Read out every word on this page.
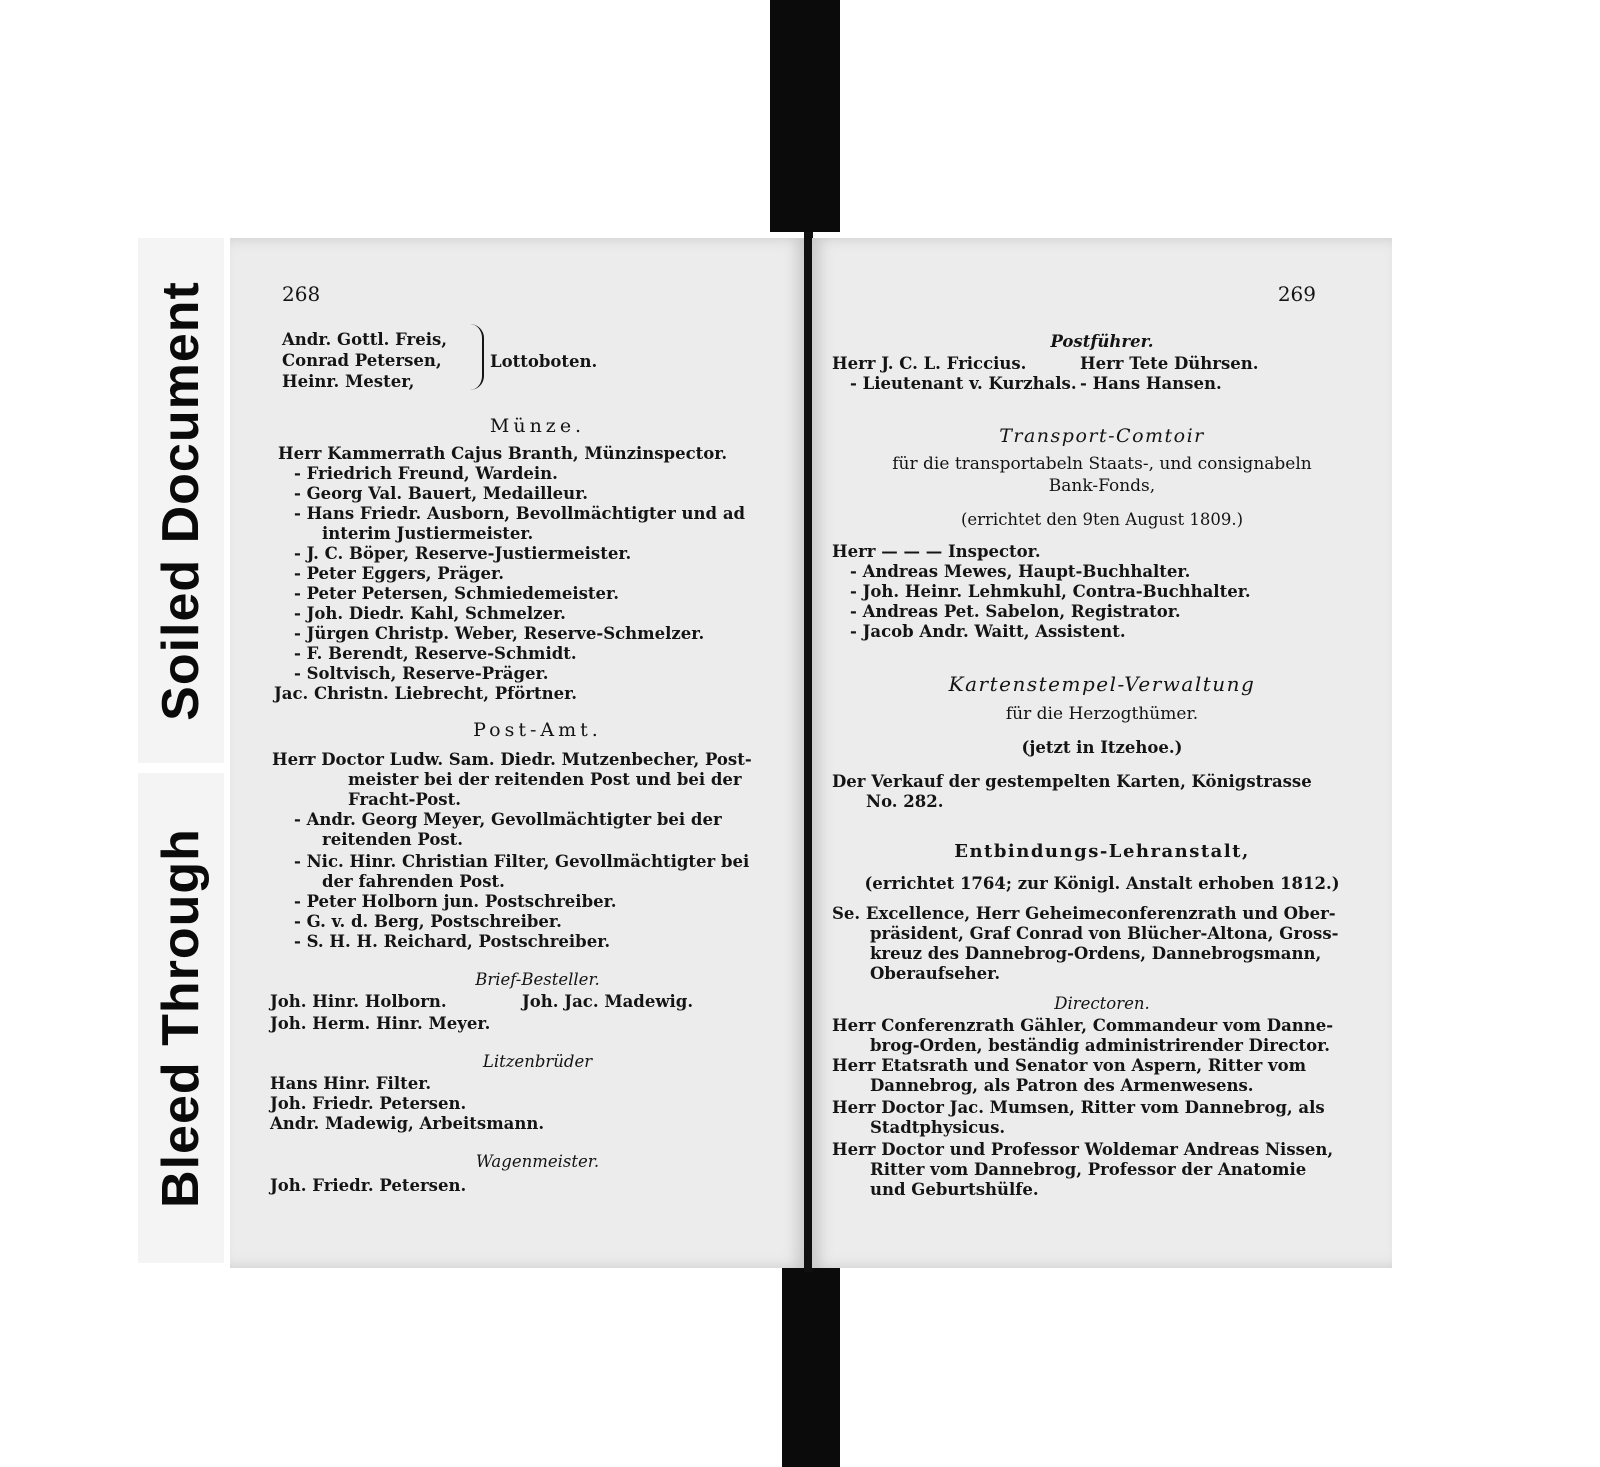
Soiled Document
Bleed Through
268
Andr. Gottl. Freis,
Conrad Petersen,
Heinr. Mester,
Lottoboten.
Münze.
Herr Kammerrath Cajus Branth, Münzinspector.
- Friedrich Freund, Wardein.
- Georg Val. Bauert, Medailleur.
- Hans Friedr. Ausborn, Bevollmächtigter und ad
interim Justiermeister.
- J. C. Böper, Reserve-Justiermeister.
- Peter Eggers, Präger.
- Peter Petersen, Schmiedemeister.
- Joh. Diedr. Kahl, Schmelzer.
- Jürgen Christp. Weber, Reserve-Schmelzer.
- F. Berendt, Reserve-Schmidt.
- Soltvisch, Reserve-Präger.
Jac. Christn. Liebrecht, Pförtner.
Post-Amt.
Herr Doctor Ludw. Sam. Diedr. Mutzenbecher, Post-
meister bei der reitenden Post und bei der
Fracht-Post.
- Andr. Georg Meyer, Gevollmächtigter bei der
reitenden Post.
- Nic. Hinr. Christian Filter, Gevollmächtigter bei
der fahrenden Post.
- Peter Holborn jun. Postschreiber.
- G. v. d. Berg, Postschreiber.
- S. H. H. Reichard, Postschreiber.
Brief-Besteller.
Joh. Hinr. Holborn.	Joh. Jac. Madewig.
Joh. Herm. Hinr. Meyer.
Litzenbrüder
Hans Hinr. Filter.
Joh. Friedr. Petersen.
Andr. Madewig, Arbeitsmann.
Wagenmeister.
Joh. Friedr. Petersen.
269
Postführer.
Herr J. C. L. Friccius.	Herr Tete Dührsen.
- Lieutenant v. Kurzhals. - Hans Hansen.
Transport-Comtoir
für die transportabeln Staats-, und consignabeln
Bank-Fonds,
(errichtet den 9ten August 1809.)
Herr — — — Inspector.
- Andreas Mewes, Haupt-Buchhalter.
- Joh. Heinr. Lehmkuhl, Contra-Buchhalter.
- Andreas Pet. Sabelon, Registrator.
- Jacob Andr. Waitt, Assistent.
Kartenstempel-Verwaltung
für die Herzogthümer.
(jetzt in Itzehoe.)
Der Verkauf der gestempelten Karten, Königstrasse
No. 282.
Entbindungs-Lehranstalt,
(errichtet 1764; zur Königl. Anstalt erhoben 1812.)
Se. Excellence, Herr Geheimeconferenzrath und Ober-
präsident, Graf Conrad von Blücher-Altona, Gross-
kreuz des Dannebrog-Ordens, Dannebrogsmann,
Oberaufseher.
Directoren.
Herr Conferenzrath Gähler, Commandeur vom Danne-
brog-Orden, beständig administrirender Director.
Herr Etatsrath und Senator von Aspern, Ritter vom
Dannebrog, als Patron des Armenwesens.
Herr Doctor Jac. Mumsen, Ritter vom Dannebrog, als
Stadtphysicus.
Herr Doctor und Professor Woldemar Andreas Nissen,
Ritter vom Dannebrog, Professor der Anatomie
und Geburtshülfe.
